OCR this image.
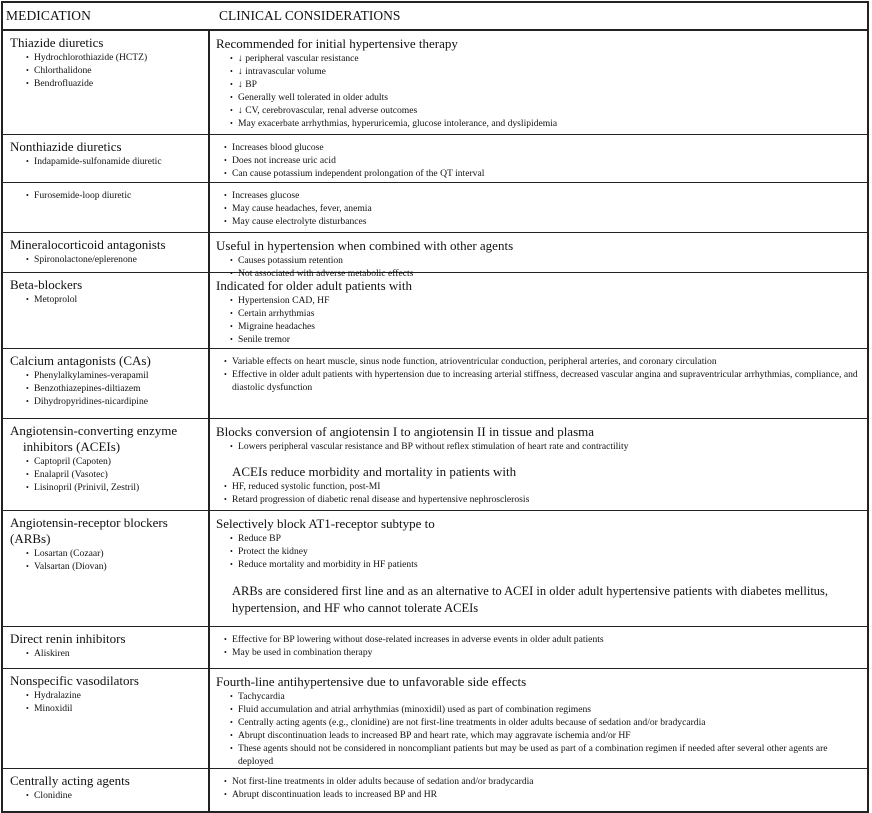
MEDICATION	CLINICAL CONSIDERATIONS
Thiazide diuretics
• Hydrochlorothiazide (HCTZ)
• Chlorthalidone
• Bendrofluazide
Recommended for initial hypertensive therapy
• ↓ peripheral vascular resistance
• ↓ intravascular volume
• ↓ BP
• Generally well tolerated in older adults
• ↓ CV, cerebrovascular, renal adverse outcomes
• May exacerbate arrhythmias, hyperuricemia, glucose intolerance, and dyslipidemia
Nonthiazide diuretics
• Indapamide-sulfonamide diuretic
• Increases blood glucose
• Does not increase uric acid
• Can cause potassium independent prolongation of the QT interval
• Furosemide-loop diuretic	• Increases glucose
• May cause headaches, fever, anemia
• May cause electrolyte disturbances
Mineralocorticoid antagonists
• Spironolactone/eplerenone
Useful in hypertension when combined with other agents
• Causes potassium retention
• Not associated with adverse metabolic effects
Beta-blockers
• Metoprolol
Indicated for older adult patients with
• Hypertension CAD, HF
• Certain arrhythmias
• Migraine headaches
• Senile tremor
Calcium antagonists (CAs)
• Phenylalkylamines-verapamil
• Benzothiazepines-diltiazem
• Dihydropyridines-nicardipine
• Variable effects on heart muscle, sinus node function, atrioventricular conduction, peripheral arteries, and coronary circulation
• Effective in older adult patients with hypertension due to increasing arterial stiffness, decreased vascular angina and supraventricular arrhythmias, compliance, and diastolic dysfunction
Angiotensin-converting enzyme
inhibitors (ACEIs)
• Captopril (Capoten)
• Enalapril (Vasotec)
• Lisinopril (Prinivil, Zestril)
Blocks conversion of angiotensin I to angiotensin II in tissue and plasma
• Lowers peripheral vascular resistance and BP without reflex stimulation of heart rate and contractility
ACEIs reduce morbidity and mortality in patients with
• HF, reduced systolic function, post-MI
• Retard progression of diabetic renal disease and hypertensive nephrosclerosis
Angiotensin-receptor blockers (ARBs)
• Losartan (Cozaar)
• Valsartan (Diovan)
Selectively block AT1-receptor subtype to
• Reduce BP
• Protect the kidney
• Reduce mortality and morbidity in HF patients
ARBs are considered first line and as an alternative to ACEI in older adult hypertensive patients with diabetes mellitus, hypertension, and HF who cannot tolerate ACEIs
Direct renin inhibitors
• Aliskiren
• Effective for BP lowering without dose-related increases in adverse events in older adult patients
• May be used in combination therapy
Nonspecific vasodilators
• Hydralazine
• Minoxidil
Fourth-line antihypertensive due to unfavorable side effects
• Tachycardia
• Fluid accumulation and atrial arrhythmias (minoxidil) used as part of combination regimens
• Centrally acting agents (e.g., clonidine) are not first-line treatments in older adults because of sedation and/or bradycardia
• Abrupt discontinuation leads to increased BP and heart rate, which may aggravate ischemia and/or HF
• These agents should not be considered in noncompliant patients but may be used as part of a combination regimen if needed after several other agents are deployed
Centrally acting agents
• Clonidine
• Not first-line treatments in older adults because of sedation and/or bradycardia
• Abrupt discontinuation leads to increased BP and HR
